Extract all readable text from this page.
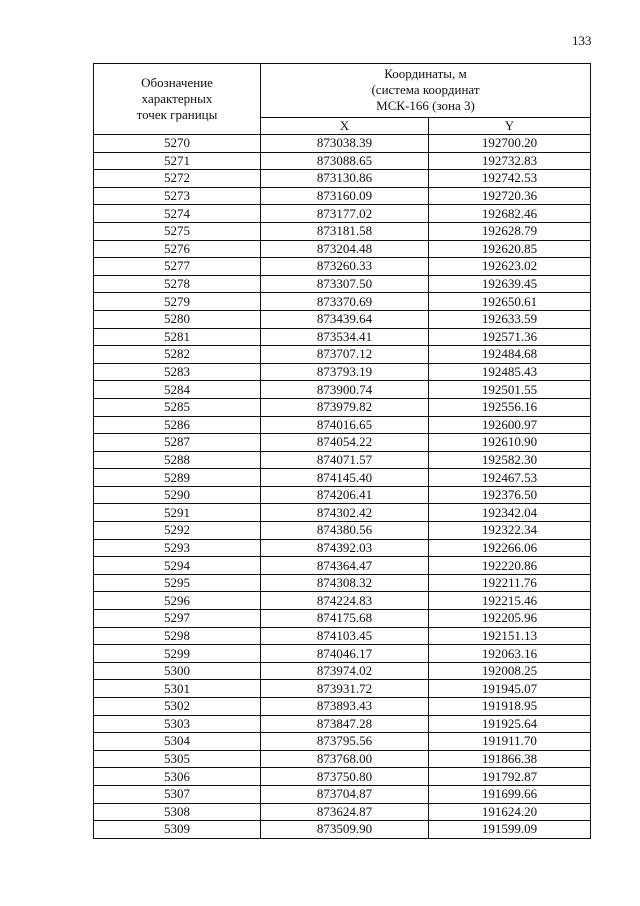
133
Обозначение
характерных
точек границы	Координаты, м
(система координат
МСК-166 (зона 3)	

	X	Y
5270	873038.39	192700.20
5271	873088.65	192732.83
5272	873130.86	192742.53
5273	873160.09	192720.36
5274	873177.02	192682.46
5275	873181.58	192628.79
5276	873204.48	192620.85
5277	873260.33	192623.02
5278	873307.50	192639.45
5279	873370.69	192650.61
5280	873439.64	192633.59
5281	873534.41	192571.36
5282	873707.12	192484.68
5283	873793.19	192485.43
5284	873900.74	192501.55
5285	873979.82	192556.16
5286	874016.65	192600.97
5287	874054.22	192610.90
5288	874071.57	192582.30
5289	874145.40	192467.53
5290	874206.41	192376.50
5291	874302.42	192342.04
5292	874380.56	192322.34
5293	874392.03	192266.06
5294	874364.47	192220.86
5295	874308.32	192211.76
5296	874224.83	192215.46
5297	874175.68	192205.96
5298	874103.45	192151.13
5299	874046.17	192063.16
5300	873974.02	192008.25
5301	873931.72	191945.07
5302	873893.43	191918.95
5303	873847.28	191925.64
5304	873795.56	191911.70
5305	873768.00	191866.38
5306	873750.80	191792.87
5307	873704.87	191699.66
5308	873624.87	191624.20
5309	873509.90	191599.09
